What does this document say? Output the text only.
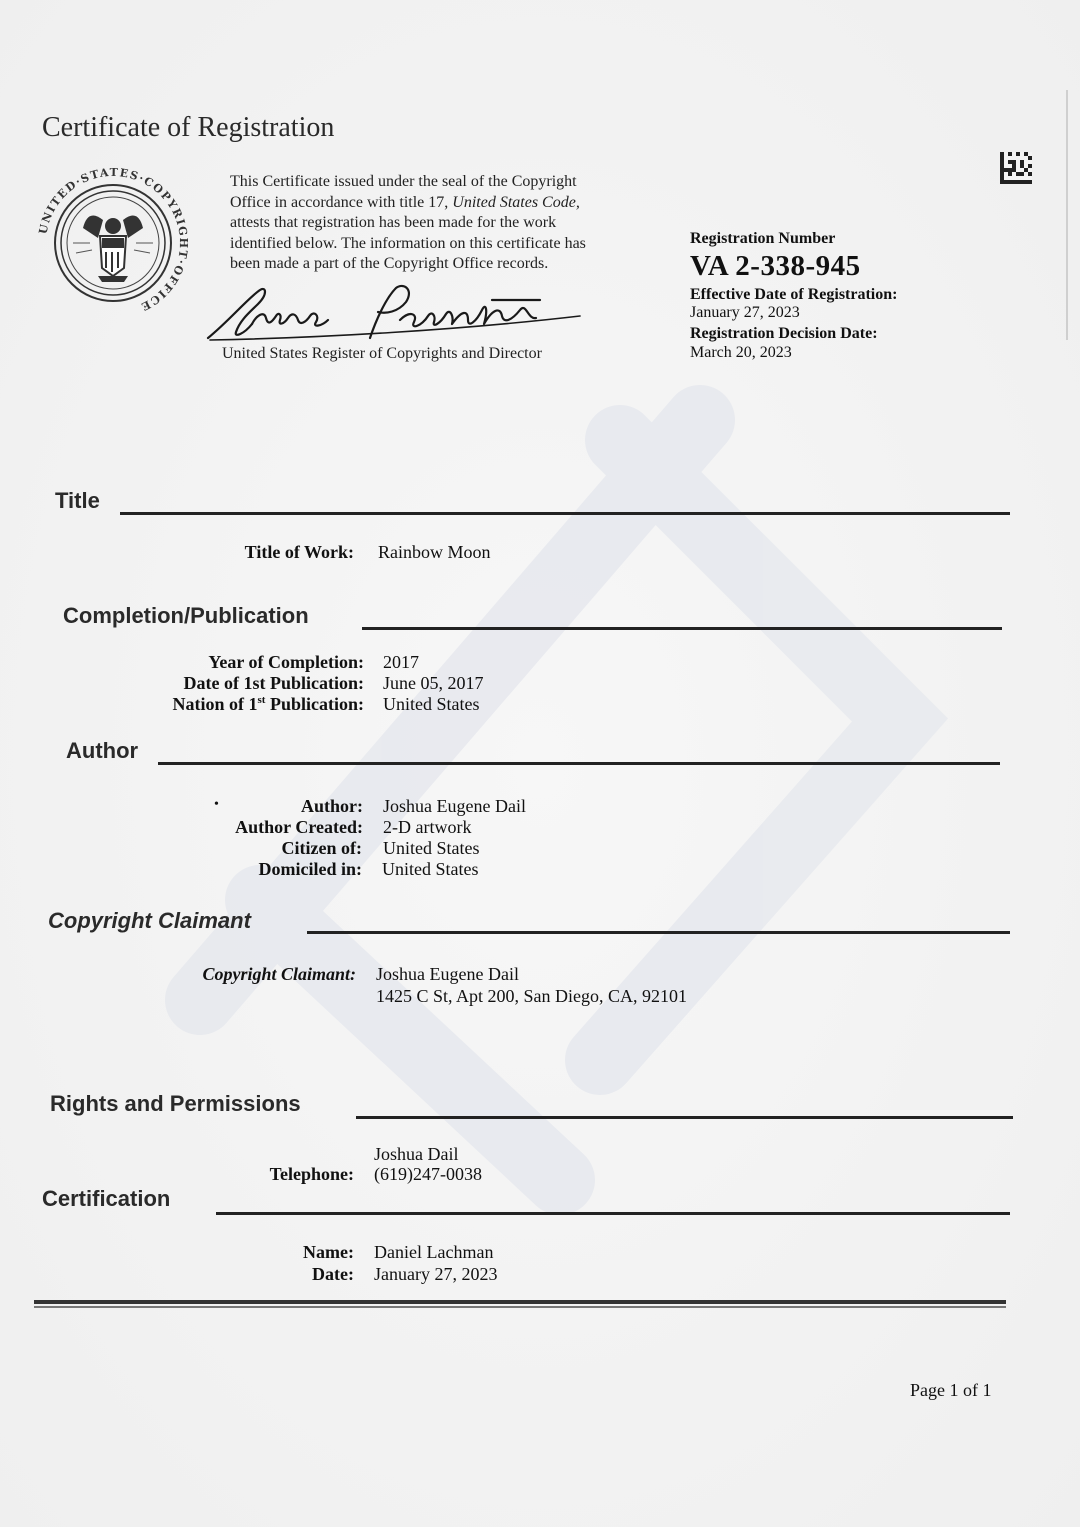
Certificate of Registration
UNITED·STATES·COPYRIGHT·OFFICE
This Certificate issued under the seal of the Copyright
Office in accordance with title 17, United States Code,
attests that registration has been made for the work
identified below. The information on this certificate has
been made a part of the Copyright Office records.
United States Register of Copyrights and Director
Registration Number
VA 2-338-945
Effective Date of Registration:
January 27, 2023
Registration Decision Date:
March 20, 2023
Title
Title of Work: Rainbow Moon
Completion/Publication
Year of Completion: 2017
Date of 1st Publication: June 05, 2017
Nation of 1st Publication: United States
Author
•	Author: Joshua Eugene Dail
Author Created: 2-D artwork
Citizen of: United States
Domiciled in: United States
Copyright Claimant
Copyright Claimant: Joshua Eugene Dail
1425 C St, Apt 200, San Diego, CA, 92101
Rights and Permissions
Joshua Dail
Telephone: (619)247-0038
Certification
Name: Daniel Lachman
Date: January 27, 2023
Page 1 of 1
